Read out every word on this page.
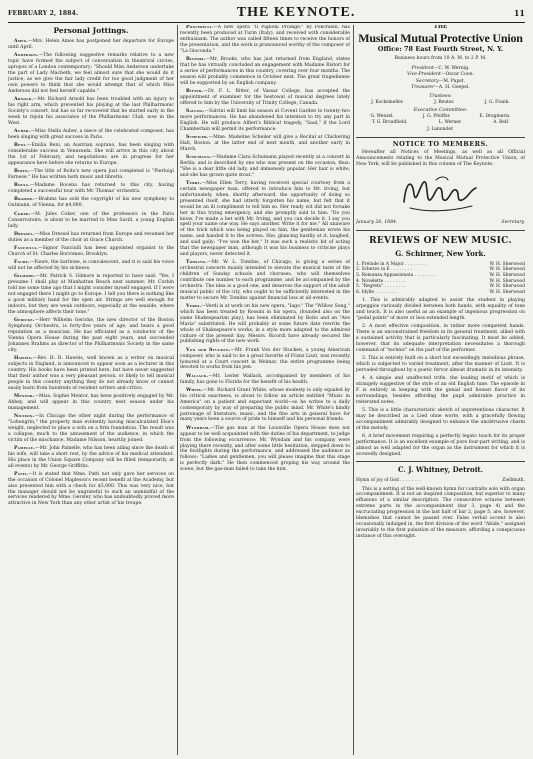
FEBRUARY 2, 1884.	THE KEYNOTE.	11
Personal Jottings.

Ames.—Mrs. Helen Ames has postponed her departure for Europe until April.

Anderson.—The following suggestive remarks relative to a new topic have formed the subject of conversation in theatrical circles, apropos of a London contemporary: "Should Miss Anderson undertake the part of Lady Macbeth, we feel almost sure that she would do it justice, as we give the fair lady credit for too good judgment of her own powers to think that she would attempt that of which Miss Anderson did not feel herself capable."

Arnold.—Mr. Richard Arnold has been troubled with an injury to his right arm, which prevented his playing at the last Philharmonic Society's concert, but has so far recovered that he started early in the week to rejoin his associates of the Philharmonic Club, now in the West.

Auber.—Miss Stella Auber, a niece of the celebrated composer, has been singing with great success in Paris.

Beni.—Emilia Beni, an Austrian soprano, has been singing with considerable success in Venezuela. She will arrive in this city about the 1st of February, and negotiations are in progress for her appearance here before she returns to Europe.

Boito.—The title of Boito's new opera just completed is "Pierluigi Farnese." He has written both music and libretto.

Bolsa.—Madame Bocena has returned to this city, having completed a successful tour with Mr. Thomas' orchestra.

Brahms.—Brahms has sold the copyright of his new symphony to Gutmann, of Vienna, for $4,000.

Coker.—M. Jules Coker, one of the professors in the Paris Conservatoire, is about to be married to Miss Savill, a young English lady.

Dressel.—Miss Dressel has returned from Europe and resumed her duties as a member of the choir at Grace Church.

Fanciulli.—Signor Fanciulli has been appointed organist to the Church of St. Charles Borromeo, Brooklyn.

Faure.—Faure, the baritone, is convalescent, and it is said his voice will not be affected by his sickness.

Gilmore.—Mr. Patrick S. Gilmore is reported to have said: "Yes, I presume I shall play at Manhattan Beach next summer. Mr. Corbin told me some time ago that I might consider myself engaged. If I were not engaged there I might go to Europe. I tell you there is nothing like a good military band for the open air. Strings are well enough for indoors, but they are weak outdoors, especially at the seaside, where the atmosphere affects their tone."

Gericke.—Herr Wilhelm Gericke, the new director of the Boston Symphony Orchestra, is forty-five years of age, and bears a good reputation as a musician. He has officiated as a conductor of the Vienna Opera House during the past eight years, and succeeded Johannes Brahms as director of the Philharmonic Society in the same city.

Haweis.—Rev. H. R. Haweis, well known as a writer on musical subjects in England, is announced to appear soon as a lecturer in this country. His books have been printed here, but have never suggested that their author was a very pleasant person, or likely to tell musical people in this country anything they do not already know or cannot easily learn from hundreds of resident writers and critics.

Mentor.—Miss. Sophie Mentor, has been positively engaged by Mr. Abbey, and will appear in this country next season under his management.

Nilsson.—In Chicago the other night during the performance of "Lohengrin," the property man evidently having miscalculated Elsa's weight, neglected to place a sofa on a firm foundation. The result was a collapse, much to the amusement of the audience, in which the victim of the mischance, Madame Nilsson, heartily joined.

Pamelle.—Mr. John Pamelle, who has been ailing since the death of his wife, will take a short rest, by the advice of his medical attendant. His place in the Union Square Company will be filled (temporarily, at all events) by Mr. George Griffiths.

Patti.—It is stated that Mme. Patti not only gave her services on the occasion of Colonel Mapleson's recent benefit at the Academy, but also presented him with a check for $5,000. This was very nice, but the manager should not be ungrateful to such an unmindful of the services rendered by Mme. Gerster, who has undoubtedly proved more attractive in New York than any other artist of his troupe.

Ponchielli.—A new opera "Il Piglioni Prodige," by Ponchielli, has recently been produced at Turin (Italy), and received with considerable enthusiasm. The author was called fifteen times to receive the honors of the presentation, and the work is pronounced worthy of the composer of "La Gioconda."

Ristori.—Mr. Brooks, who has just returned from England, states that he has virtually concluded an engagement with Madame Ristori for a series of performances in this country, covering over four months. The season will probably commence in October next. The great tragedienne will be supported by an English company.

Ritter.—Dr. F. L. Ritter, of Vassar College, has accepted the appointment of examiner for the bestowal of musical degrees lately offered to him by the University of Trinity College, Canada.

Salvini.—Salvini will limit his season at Covent Garden to twenty-two more performances. He has abandoned his intention to try any part in English. He will produce Alfieri's Biblical tragedy, "Saul," if the Lord Chamberlain will permit its performance.

Scheiler.—Mme. Madeline Scheiler will give a Recital at Chickering Hall, Boston, at the latter end of next month, and another early in March.

Schumann.—Madame Clara Schumann played recently at a concert in Berlin; and is described by one who was present on the occasion, thus: "She is a dear little old lady, and immensely popular. Her hair is white, and she has grown quite stout."

Terry.—Miss Ellen Terry, having received special courtesy from a certain newspaper man, offered to introduce him to Mr. Irving, but unfortunately, when, shortly afterward, the opportunity of doing so presented itself, she had utterly forgotten his name, but felt that it would be an ill compliment to tell him so. Her ready wit did not forsake her in this trying emergency, and she promptly said to him: "Do you know, I've made a bet with Mr. Irving, and you can decide it. I say you spell your name one way. He says another. Write it for me." All unaware of the trick which was being played on him, the gentleman wrote his name, and handed it to the actress. She, glancing hastily at it, laughed, and said gaily: "I've won the bet." It was such a realistic bit of acting that the newspaper man, although it was his business to criticise plays and players, never detected it.

Tomlins.—Mr. W. L. Tomlins, of Chicago, is giving a series of orchestral concerts mainly intended to elevate the musical taste of the children of Sunday schools and choruses, who will themselves contribute one number to each programme, and be accompanied by the orchestra. The idea is a good one, and deserves the support of the adult musical public of the city, who ought to be sufficiently interested in the matter to secure Mr. Tomlins against financial loss at all events.

Verdi.—Verdi is at work on his new opera, "Iago." The "Willow Song," which has been treated by Rossini in his opera, (founded also on the same Shakespearian play), has been eliminated by Boito and an "Ave Maria" substituted. He will probably at some future date rewrite the whole of Shakespeare's works, in a style more adapted to the admired culture of the present day. Messrs. Ricordi have already secured the publishing rights of the new work.

Von der Stucken.—Mr. Frank Von der Stucken, a young American composer, who is said to be a great favorite of Franz Liszt, was recently honored at a Court concert in Weimar, the entire programme being devoted to works from his pen.

Wallack.—Mr. Lester Wallack, accompanied by members of his family, has gone to Florida for the benefit of his health.

White.—Mr. Richard Grant White, whose modesty is only equaled by his critical exactness, is about to follow an article entitled "Music in America" on a patient and expectant world—so he writes to a daily contemporary by way of preparing the public mind. Mr. White's kindly patronage of literature, music, and the fine arts in general have for many years been a source of pride to himself and his personal friends.

Wyndham.—The gas man at the Louisville Opera House does not appear to be well acquainted with the duties of his department, to judge from the following occurrence: Mr. Wyndam and his company were playing there recently, and after some little hesitation, stepped down to the footlights during the performance, and addressed the audience as follows: "Ladies and gentlemen, you will please imagine that this stage is perfectly dark." He then commenced groping his way around the scene, but the gas-man failed to take the hint.

THE
Musical Mutual Protective Union
Office: 78 East Fourth Street, N. Y.
Business hours from 10 A. M. to 2 P. M.
President—C. W. Wernig.
Vice-President—Oscar Coon.
Secretary—M. Papst.
Treasurer—A. H. Goepel.
Trustees:
J. Kocksmeller.	J. Reuter.	J. G. Frank.
Executive Committee:
G. Wenzel.	J. G. Pfeiffer.	E. Dragmeris.
T. G. Broadfield.	L. Werner.	A. Belf.
J. Lanunder.
NOTICE TO MEMBERS.
Hereafter all Notices of Meetings, as well as all Official Announcements relating to the Musical Mutual Protective Union, of New York, will be published in this column of The Keynote.
January 26, 1884.	Secretary.
REVIEWS OF NEW MUSIC.
G. Schirmer, New York.
1. Prelude in A Major . . . . . . . .	W. H. Sherwood
2. Scherzo in E . . . . . . . .	W. H. Sherwood
3. Romanza Appassionata . . . . . . . .	W. H. Sherwood
4. Novelette . . . . . . . .	W. H. Sherwood
5. "Regrets" . . . . . . . .	W. H. Sherwood
6. Idylle . . . . . . . .	W. H. Sherwood

1. This is admirably adapted to assist the student in playing arpeggios variously divided between both hands, with equality of tone and touch. It is also useful as an example of ingenious progression on "pedal points" of more or less extended length.

2. A most effective composition, in rather more competent hands. There is an unconstrained freedom in its general treatment, allied with a sustained activity that is particularly fascinating. It must be added, however, that its adequate interpretation necessitates a thorough command of "technic" on the part of the performer.

3. This is entirely built on a short but exceedingly melodious phrase, which is subjected to varied treatment, after the manner of Liszt. It is pervaded throughout by a poetic fervor almost dramatic in its intensity.

4. A simple and unaffected trifle, the leading motif of which is strangely suggestive of the style of an old English tune. The episode in F is entirely in keeping with the genial and honest flavor of its surroundings, besides affording the pupil admirable practice in reiterated notes.

5. This is a little characteristic sketch of unpretentious character. It may be described as a Lied ohne worte, with a gracefully flowing accompaniment admirably designed to enhance the unobtrusive charm of the melody.

6. A brief movement requiring a perfectly legato touch for its proper performance. It is an excellent example of pure four-part writing, and is almost as well adapted for the organ as the instrument for which it is avowedly designed.

C. J. Whitney, Detroit.
Hymn of joy of God . . . . . . . .	Ziellmuth.

This is a setting of the well-known hymn for contralto solo with organ accompaniment. It is not an inspired composition, but superior to many effusions of a similar description. The consecutive octaves between extreme parts in the accompaniment (bar 3, page 4) and the excruciating progression in the last half of bar 2, page 5, are, however, blemishes that cannot be passed over. False verbal accent is also occasionally indulged in, the first division of the word "Abide," assigned invariably to the first pulsation of the measure, affording a conspicuous instance of this oversight.
